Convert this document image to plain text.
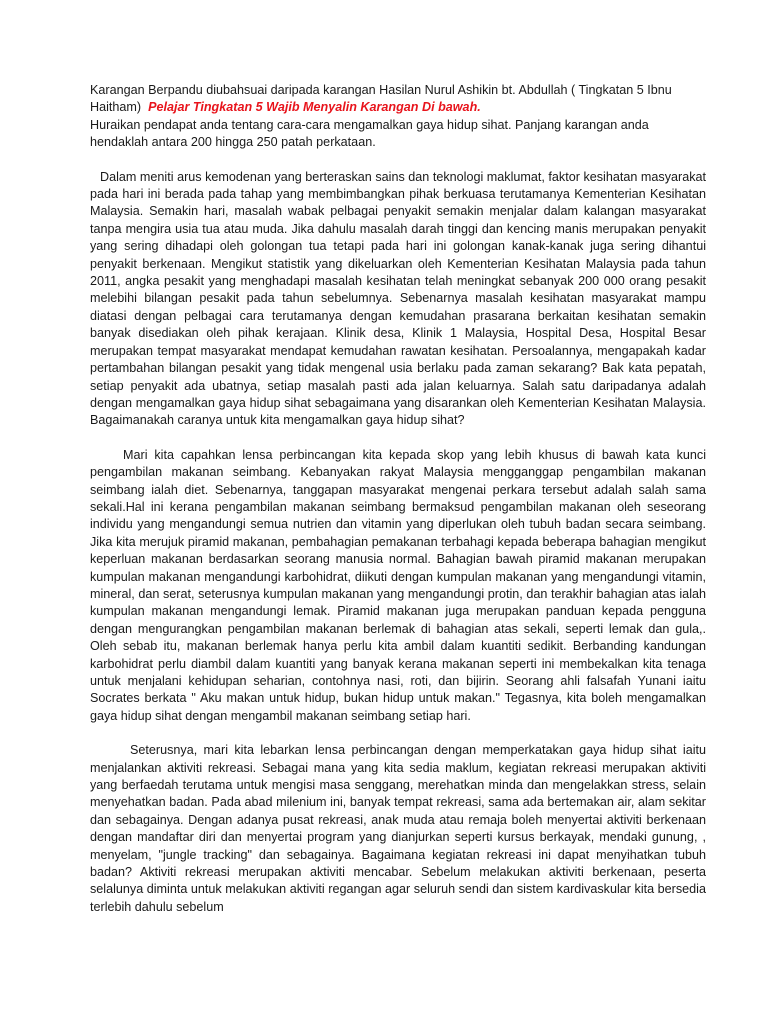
Karangan Berpandu diubahsuai daripada karangan Hasilan Nurul Ashikin bt. Abdullah ( Tingkatan 5 Ibnu Haitham) Pelajar Tingkatan 5 Wajib Menyalin Karangan Di bawah.

Huraikan pendapat anda tentang cara-cara mengamalkan gaya hidup sihat. Panjang karangan anda hendaklah antara 200 hingga 250 patah perkataan.

Dalam meniti arus kemodenan yang berteraskan sains dan teknologi maklumat, faktor kesihatan masyarakat pada hari ini berada pada tahap yang membimbangkan pihak berkuasa terutamanya Kementerian Kesihatan Malaysia. Semakin hari, masalah wabak pelbagai penyakit semakin menjalar dalam kalangan masyarakat tanpa mengira usia tua atau muda. Jika dahulu masalah darah tinggi dan kencing manis merupakan penyakit yang sering dihadapi oleh golongan tua tetapi pada hari ini golongan kanak-kanak juga sering dihantui penyakit berkenaan. Mengikut statistik yang dikeluarkan oleh Kementerian Kesihatan Malaysia pada tahun 2011, angka pesakit yang menghadapi masalah kesihatan telah meningkat sebanyak 200 000 orang pesakit melebihi bilangan pesakit pada tahun sebelumnya. Sebenarnya masalah kesihatan masyarakat mampu diatasi dengan pelbagai cara terutamanya dengan kemudahan prasarana berkaitan kesihatan semakin banyak disediakan oleh pihak kerajaan. Klinik desa, Klinik 1 Malaysia, Hospital Desa, Hospital Besar merupakan tempat masyarakat mendapat kemudahan rawatan kesihatan. Persoalannya, mengapakah kadar pertambahan bilangan pesakit yang tidak mengenal usia berlaku pada zaman sekarang? Bak kata pepatah, setiap penyakit ada ubatnya, setiap masalah pasti ada jalan keluarnya. Salah satu daripadanya adalah dengan mengamalkan gaya hidup sihat sebagaimana yang disarankan oleh Kementerian Kesihatan Malaysia. Bagaimanakah caranya untuk kita mengamalkan gaya hidup sihat?

Mari kita capahkan lensa perbincangan kita kepada skop yang lebih khusus di bawah kata kunci pengambilan makanan seimbang. Kebanyakan rakyat Malaysia mengganggap pengambilan makanan seimbang ialah diet. Sebenarnya, tanggapan masyarakat mengenai perkara tersebut adalah salah sama sekali.Hal ini kerana pengambilan makanan seimbang bermaksud pengambilan makanan oleh seseorang individu yang mengandungi semua nutrien dan vitamin yang diperlukan oleh tubuh badan secara seimbang. Jika kita merujuk piramid makanan, pembahagian pemakanan terbahagi kepada beberapa bahagian mengikut keperluan makanan berdasarkan seorang manusia normal. Bahagian bawah piramid makanan merupakan kumpulan makanan mengandungi karbohidrat, diikuti dengan kumpulan makanan yang mengandungi vitamin, mineral, dan serat, seterusnya kumpulan makanan yang mengandungi protin, dan terakhir bahagian atas ialah kumpulan makanan mengandungi lemak. Piramid makanan juga merupakan panduan kepada pengguna dengan mengurangkan pengambilan makanan berlemak di bahagian atas sekali, seperti lemak dan gula,. Oleh sebab itu, makanan berlemak hanya perlu kita ambil dalam kuantiti sedikit. Berbanding kandungan karbohidrat perlu diambil dalam kuantiti yang banyak kerana makanan seperti ini membekalkan kita tenaga untuk menjalani kehidupan seharian, contohnya nasi, roti, dan bijirin. Seorang ahli falsafah Yunani iaitu Socrates berkata " Aku makan untuk hidup, bukan hidup untuk makan." Tegasnya, kita boleh mengamalkan gaya hidup sihat dengan mengambil makanan seimbang setiap hari.

Seterusnya, mari kita lebarkan lensa perbincangan dengan memperkatakan gaya hidup sihat iaitu menjalankan aktiviti rekreasi. Sebagai mana yang kita sedia maklum, kegiatan rekreasi merupakan aktiviti yang berfaedah terutama untuk mengisi masa senggang, merehatkan minda dan mengelakkan stress, selain menyehatkan badan. Pada abad milenium ini, banyak tempat rekreasi, sama ada bertemakan air, alam sekitar dan sebagainya. Dengan adanya pusat rekreasi, anak muda atau remaja boleh menyertai aktiviti berkenaan dengan mandaftar diri dan menyertai program yang dianjurkan seperti kursus berkayak, mendaki gunung, , menyelam, "jungle tracking" dan sebagainya. Bagaimana kegiatan rekreasi ini dapat menyihatkan tubuh badan? Aktiviti rekreasi merupakan aktiviti mencabar. Sebelum melakukan aktiviti berkenaan, peserta selalunya diminta untuk melakukan aktiviti regangan agar seluruh sendi dan sistem kardivaskular kita bersedia terlebih dahulu sebelum
